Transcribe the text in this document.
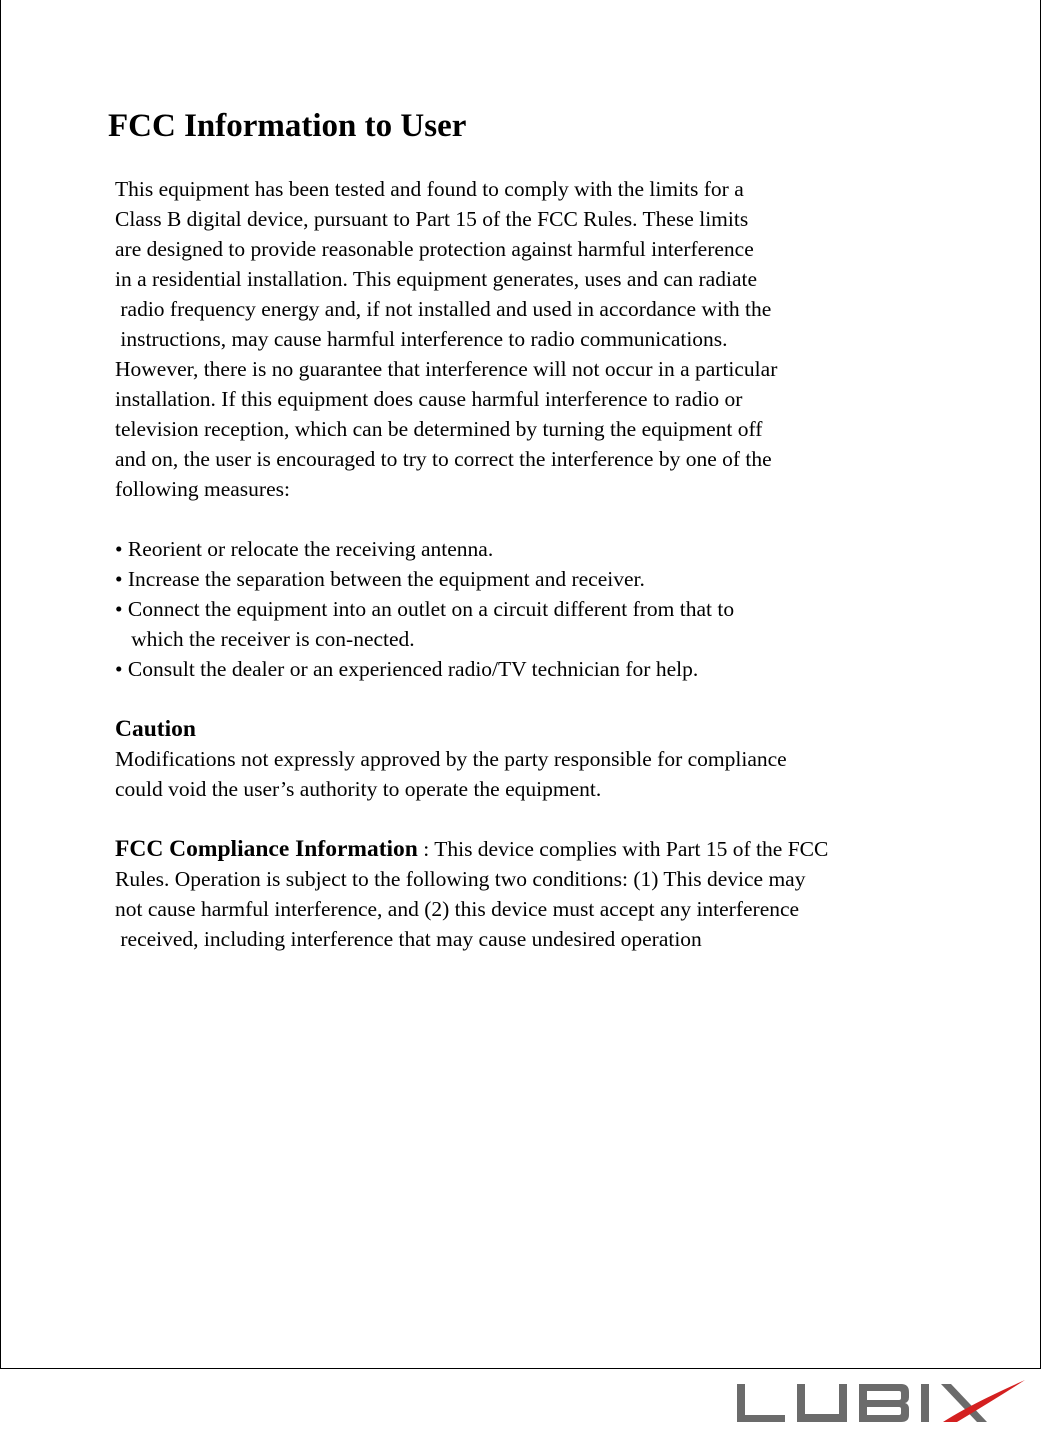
FCC Information to User
This equipment has been tested and found to comply with the limits for a
Class B digital device, pursuant to Part 15 of the FCC Rules. These limits
are designed to provide reasonable protection against harmful interference
in a residential installation. This equipment generates, uses and can radiate
radio frequency energy and, if not installed and used in accordance with the
instructions, may cause harmful interference to radio communications.
However, there is no guarantee that interference will not occur in a particular
installation. If this equipment does cause harmful interference to radio or
television reception, which can be determined by turning the equipment off
and on, the user is encouraged to try to correct the interference by one of the
following measures:
• Reorient or relocate the receiving antenna.
• Increase the separation between the equipment and receiver.
• Connect the equipment into an outlet on a circuit different from that to
which the receiver is con-nected.
• Consult the dealer or an experienced radio/TV technician for help.
Caution
Modifications not expressly approved by the party responsible for compliance
could void the user’s authority to operate the equipment.
FCC Compliance Information : This device complies with Part 15 of the FCC
Rules. Operation is subject to the following two conditions: (1) This device may
not cause harmful interference, and (2) this device must accept any interference
received, including interference that may cause undesired operation
